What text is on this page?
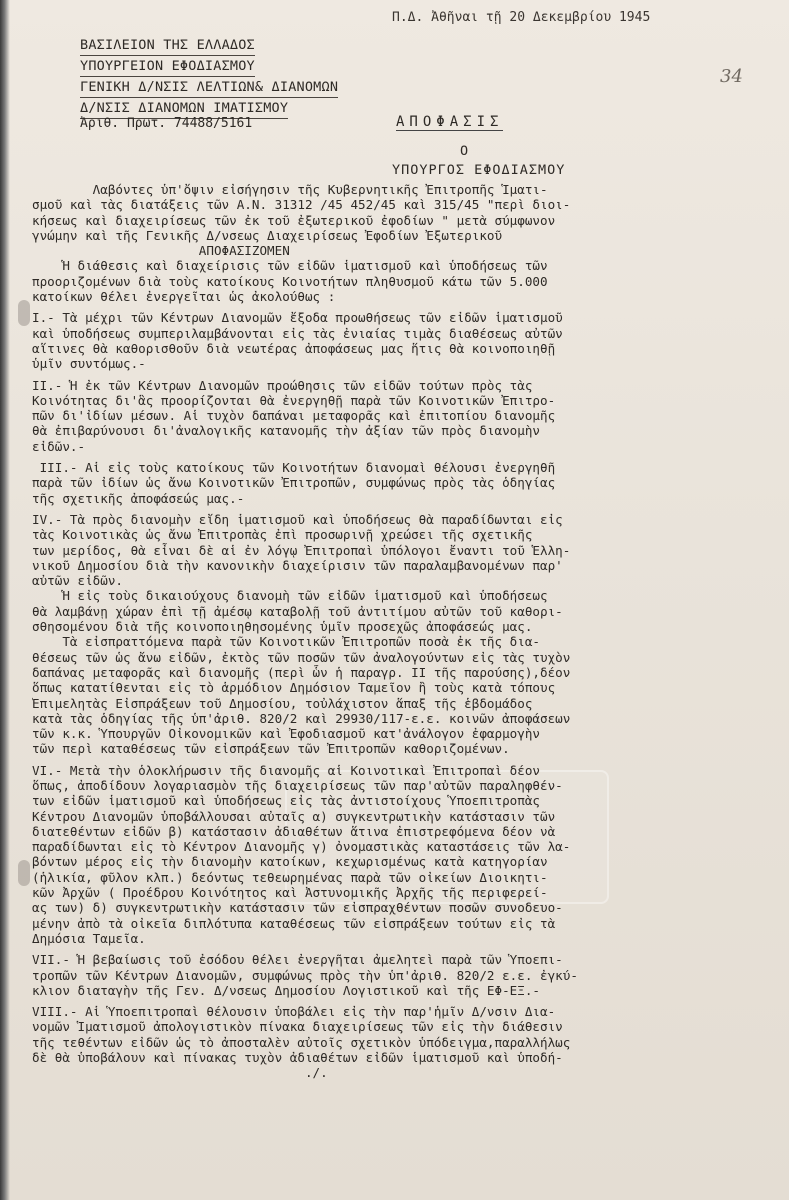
Π.Δ. Ἀθῆναι τῇ 20 Δεκεμβρίου 1945
34
ΒΑΣΙΛΕΙΟΝ ΤΗΣ ΕΛΛΑΔΟΣ
ΥΠΟΥΡΓΕΙΟΝ ΕΦΟΔΙΑΣΜΟΥ
ΓΕΝΙΚΗ Δ/ΝΣΙΣ ΛΕΛΤΙΩΝ& ΔΙΑΝΟΜΩΝ
Δ/ΝΣΙΣ ΔΙΑΝΟΜΩΝ ΙΜΑΤΙΣΜΟΥ
Ἀριθ. Πρωτ. 74488/5161	ΑΠΟΦΑΣΙΣ
Ο
ΥΠΟΥΡΓΟΣ ΕΦΟΔΙΑΣΜΟΥ
Λαβόντες ὑπ'ὄψιν εἰσήγησιν τῆς Κυβερνητικῆς Ἐπιτροπῆς Ἱματι-
σμοῦ καὶ τὰς διατάξεις τῶν Α.Ν. 31312 /45 452/45 καὶ 315/45 "περὶ διοι-
κήσεως καὶ διαχειρίσεως τῶν ἐκ τοῦ ἐξωτερικοῦ ἐφοδίων " μετὰ σύμφωνον
γνώμην καὶ τῆς Γενικῆς Δ/νσεως Διαχειρίσεως Ἐφοδίων Ἐξωτερικοῦ
ΑΠΟΦΑΣΙΖΟΜΕΝ
Ἡ διάθεσις καὶ διαχείρισις τῶν εἰδῶν ἱματισμοῦ καὶ ὑποδήσεως τῶν
προοριζομένων διὰ τοὺς κατοίκους Κοινοτήτων πληθυσμοῦ κάτω τῶν 5.000
κατοίκων θέλει ἐνεργεῖται ὡς ἀκολούθως :
I.- Τὰ μέχρι τῶν Κέντρων Διανομῶν ἔξοδα προωθήσεως τῶν εἰδῶν ἱματισμοῦ
καὶ ὑποδήσεως συμπεριλαμβάνονται εἰς τὰς ἐνιαίας τιμὰς διαθέσεως αὐτῶν
αἵτινες θὰ καθορισθοῦν διὰ νεωτέρας ἀποφάσεως μας ἥτις θὰ κοινοποιηθῇ
ὑμῖν συντόμως.-
II.- Ἡ ἐκ τῶν Κέντρων Διανομῶν προώθησις τῶν εἰδῶν τούτων πρὸς τὰς
Κοινότητας δι'ἃς προορίζονται θὰ ἐνεργηθῇ παρὰ τῶν Κοινοτικῶν Ἐπιτρο-
πῶν δι'ἰδίων μέσων. Αἱ τυχὸν δαπάναι μεταφορᾶς καὶ ἐπιτοπίου διανομῆς
θὰ ἐπιβαρύνουσι δι'ἀναλογικῆς κατανομῆς τὴν ἀξίαν τῶν πρὸς διανομὴν
εἰδῶν.-
III.- Αἱ εἰς τοὺς κατοίκους τῶν Κοινοτήτων διανομαὶ θέλουσι ἐνεργηθῆ
παρὰ τῶν ἰδίων ὡς ἄνω Κοινοτικῶν Ἐπιτροπῶν, συμφώνως πρὸς τὰς ὁδηγίας
τῆς σχετικῆς ἀποφάσεώς μας.-
IV.- Τὰ πρὸς διανομὴν εἴδη ἱματισμοῦ καὶ ὑποδήσεως θὰ παραδίδωνται εἰς
τὰς Κοινοτικὰς ὡς ἄνω Ἐπιτροπὰς ἐπὶ προσωρινῇ χρεώσει τῆς σχετικῆς
των μερίδος, θὰ εἶναι δὲ αἱ ἐν λόγῳ Ἐπιτροπαὶ ὑπόλογοι ἔναντι τοῦ Ἑλλη-
νικοῦ Δημοσίου διὰ τὴν κανονικὴν διαχείρισιν τῶν παραλαμβανομένων παρ'
αὐτῶν εἰδῶν.
Ἡ εἰς τοὺς δικαιούχους διανομὴ τῶν εἰδῶν ἱματισμοῦ καὶ ὑποδήσεως
θὰ λαμβάνῃ χώραν ἐπὶ τῇ ἀμέσῳ καταβολῇ τοῦ ἀντιτίμου αὐτῶν τοῦ καθορι-
σθησομένου διὰ τῆς κοινοποιηθησομένης ὑμῖν προσεχῶς ἀποφάσεώς μας.
Τὰ εἰσπραττόμενα παρὰ τῶν Κοινοτικῶν Ἐπιτροπῶν ποσὰ ἐκ τῆς δια-
θέσεως τῶν ὡς ἄνω εἰδῶν, ἐκτὸς τῶν ποσῶν τῶν ἀναλογούντων εἰς τὰς τυχὸν
δαπάνας μεταφορᾶς καὶ διανομῆς (περὶ ὧν ἡ παραγρ. II τῆς παρούσης),δέον
ὅπως κατατίθενται εἰς τὸ ἁρμόδιον Δημόσιον Ταμεῖον ἢ τοὺς κατὰ τόπους
Ἐπιμελητὰς Εἰσπράξεων τοῦ Δημοσίου, τοὐλάχιστον ἅπαξ τῆς ἑβδομάδος
κατὰ τὰς ὁδηγίας τῆς ὑπ'ἀριθ. 820/2 καὶ 29930/117-ε.ε. κοινῶν ἀποφάσεων
τῶν κ.κ. Ὑπουργῶν Οἰκονομικῶν καὶ Ἐφοδιασμοῦ κατ'ἀνάλογον ἐφαρμογὴν
τῶν περὶ καταθέσεως τῶν εἰσπράξεων τῶν Ἐπιτροπῶν καθοριζομένων.
VI.- Μετὰ τὴν ὁλοκλήρωσιν τῆς διανομῆς αἱ Κοινοτικαὶ Ἐπιτροπαὶ δέον
ὅπως, ἀποδίδουν λογαριασμὸν τῆς διαχειρίσεως τῶν παρ'αὐτῶν παραληφθέν-
των εἰδῶν ἱματισμοῦ καὶ ὑποδήσεως εἰς τὰς ἀντιστοίχους Ὑποεπιτροπὰς
Κέντρου Διανομῶν ὑποβάλλουσαι αὐταῖς α) συγκεντρωτικὴν κατάστασιν τῶν
διατεθέντων εἰδῶν β) κατάστασιν ἀδιαθέτων ἅτινα ἐπιστρεφόμενα δέον νὰ
παραδίδωνται εἰς τὸ Κέντρον Διανομῆς γ) ὀνομαστικὰς καταστάσεις τῶν λα-
βόντων μέρος εἰς τὴν διανομὴν κατοίκων, κεχωρισμένως κατὰ κατηγορίαν
(ἡλικία, φῦλον κλπ.) δεόντως τεθεωρημένας παρὰ τῶν οἰκείων Διοικητι-
κῶν Ἀρχῶν ( Προέδρου Κοινότητος καὶ Ἀστυνομικῆς Ἀρχῆς τῆς περιφερεί-
ας των) δ) συγκεντρωτικὴν κατάστασιν τῶν εἰσπραχθέντων ποσῶν συνοδευο-
μένην ἀπὸ τὰ οἰκεῖα διπλότυπα καταθέσεως τῶν εἰσπράξεων τούτων εἰς τὰ
Δημόσια Ταμεῖα.
VII.- Ἡ βεβαίωσις τοῦ ἐσόδου θέλει ἐνεργῆται ἀμελητεὶ παρὰ τῶν Ὑποεπι-
τροπῶν τῶν Κέντρων Διανομῶν, συμφώνως πρὸς τὴν ὑπ'ἀριθ. 820/2 ε.ε. ἐγκύ-
κλιον διαταγὴν τῆς Γεν. Δ/νσεως Δημοσίου Λογιστικοῦ καὶ τῆς ΕΦ-ΕΞ.-
VIII.- Αἱ Ὑποεπιτροπαὶ θέλουσιν ὑποβάλει εἰς τὴν παρ'ἡμῖν Δ/νσιν Δια-
νομῶν Ἱματισμοῦ ἀπολογιστικὸν πίνακα διαχειρίσεως τῶν εἰς τὴν διάθεσιν
τῆς τεθέντων εἰδῶν ὡς τὸ ἀποσταλὲν αὐτοῖς σχετικὸν ὑπόδειγμα,παραλλήλως
δὲ θὰ ὑποβάλουν καὶ πίνακας τυχὸν ἀδιαθέτων εἰδῶν ἱματισμοῦ καὶ ὑποδή-
./.
